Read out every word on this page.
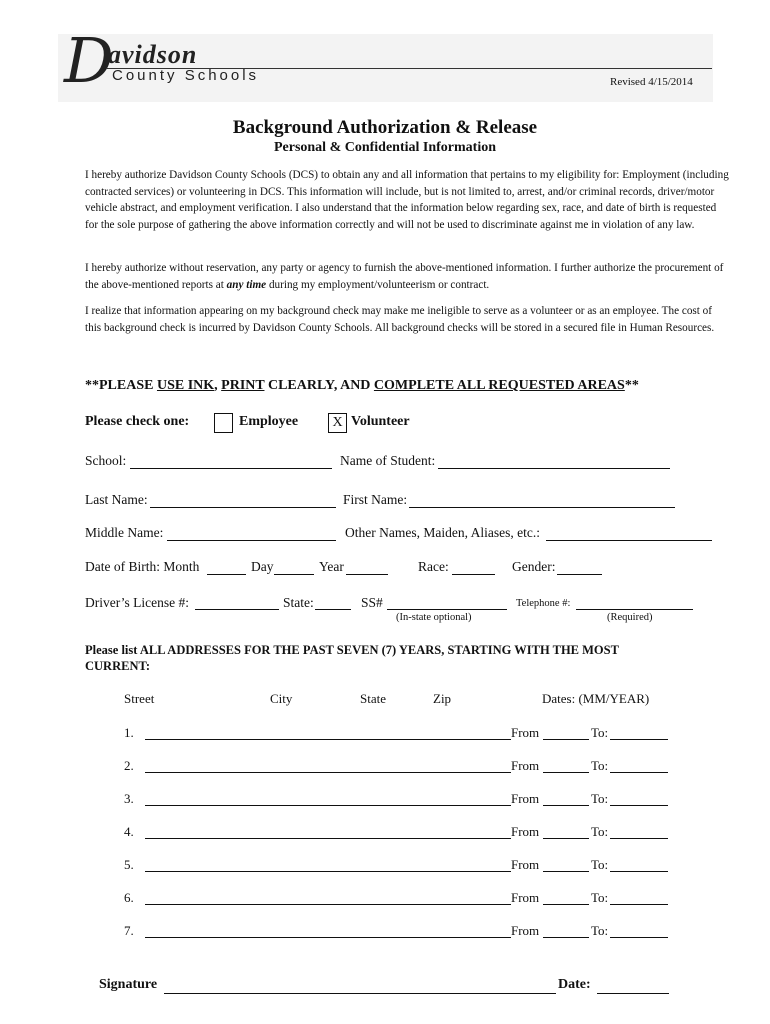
D
avidson
County Schools	Revised 4/15/2014
Background Authorization & Release
Personal & Confidential Information
I hereby authorize Davidson County Schools (DCS) to obtain any and all information that pertains to my eligibility for: Employment (including contracted services) or volunteering in DCS. This information will include, but is not limited to, arrest, and/or criminal records, driver/motor vehicle abstract, and employment verification. I also understand that the information below regarding sex, race, and date of birth is requested for the sole purpose of gathering the above information correctly and will not be used to discriminate against me in violation of any law.
I hereby authorize without reservation, any party or agency to furnish the above-mentioned information. I further authorize the procurement of the above-mentioned reports at any time during my employment/volunteerism or contract.
I realize that information appearing on my background check may make me ineligible to serve as a volunteer or as an employee. The cost of this background check is incurred by Davidson County Schools. All background checks will be stored in a secured file in Human Resources.
**PLEASE USE INK, PRINT CLEARLY, AND COMPLETE ALL REQUESTED AREAS**
Please check one:	Employee	X Volunteer
School:	Name of Student:
Last Name:	First Name:
Middle Name:	Other Names, Maiden, Aliases, etc.:
Date of Birth: Month	Day	Year	Race:	Gender:
Driver’s License #:	State:	SS#	Telephone #:
(In-state optional)	(Required)
Please list ALL ADDRESSES FOR THE PAST SEVEN (7) YEARS, STARTING WITH THE MOST
CURRENT:
Street	City	State	Zip	Dates: (MM/YEAR)
1.	From	To:
2.	From	To:
3.	From	To:
4.	From	To:
5.	From	To:
6.	From	To:
7.	From	To:
Signature	Date:
